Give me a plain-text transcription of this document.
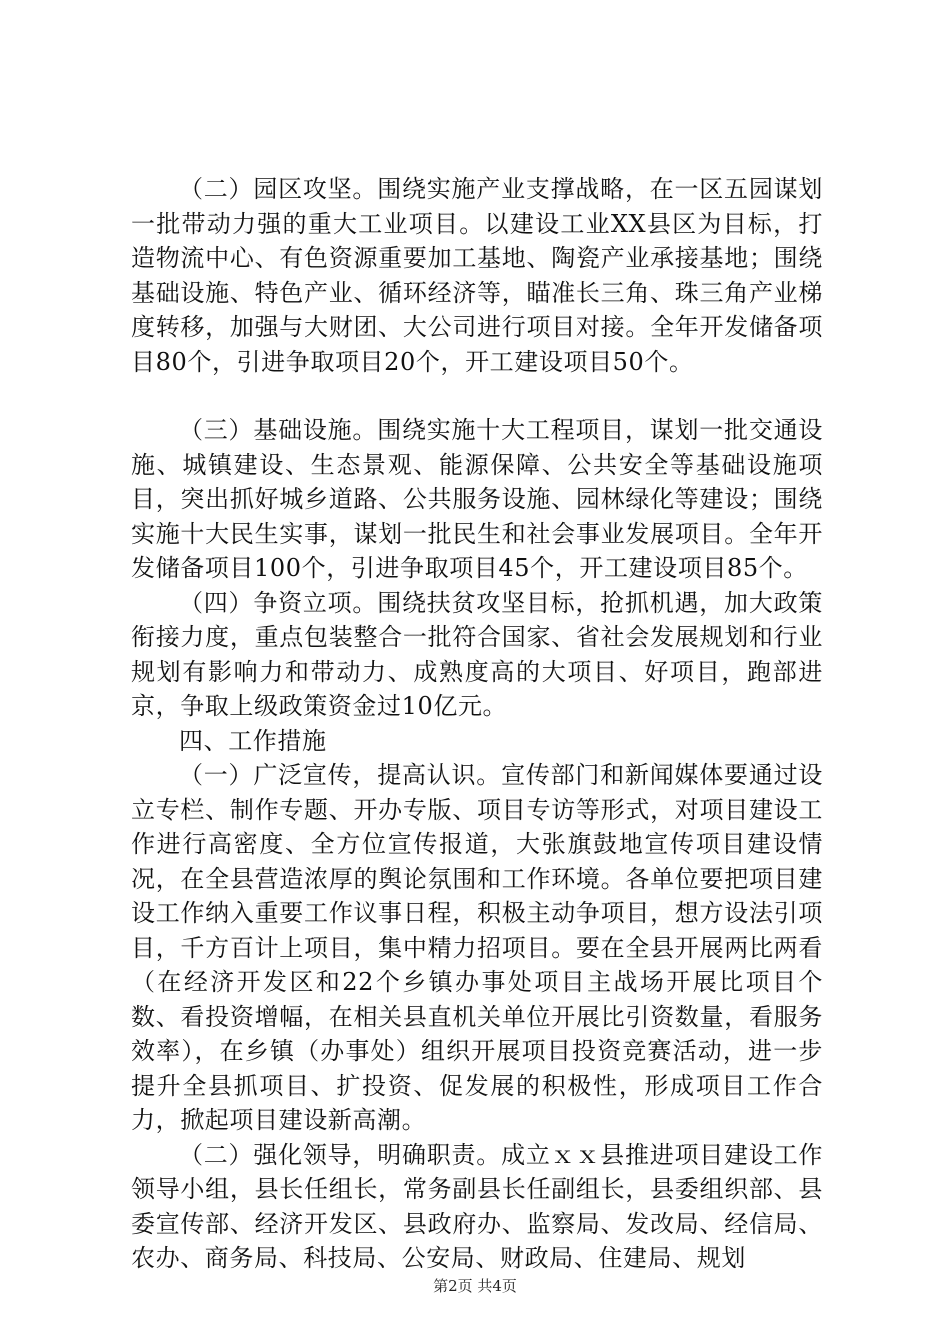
（二）园区攻坚。围绕实施产业支撑战略，在一区五园谋划一批带动力强的重大工业项目。以建设工业XX县区为目标，打造物流中心、有色资源重要加工基地、陶瓷产业承接基地；围绕基础设施、特色产业、循环经济等，瞄准长三角、珠三角产业梯度转移，加强与大财团、大公司进行项目对接。全年开发储备项目80个，引进争取项目20个，开工建设项目50个。

（三）基础设施。围绕实施十大工程项目，谋划一批交通设施、城镇建设、生态景观、能源保障、公共安全等基础设施项目，突出抓好城乡道路、公共服务设施、园林绿化等建设；围绕实施十大民生实事，谋划一批民生和社会事业发展项目。全年开发储备项目100个，引进争取项目45个，开工建设项目85个。

（四）争资立项。围绕扶贫攻坚目标，抢抓机遇，加大政策衔接力度，重点包装整合一批符合国家、省社会发展规划和行业规划有影响力和带动力、成熟度高的大项目、好项目，跑部进京，争取上级政策资金过10亿元。

四、工作措施

（一）广泛宣传，提高认识。宣传部门和新闻媒体要通过设立专栏、制作专题、开办专版、项目专访等形式，对项目建设工作进行高密度、全方位宣传报道，大张旗鼓地宣传项目建设情况，在全县营造浓厚的舆论氛围和工作环境。各单位要把项目建设工作纳入重要工作议事日程，积极主动争项目，想方设法引项目，千方百计上项目，集中精力招项目。要在全县开展两比两看（在经济开发区和22个乡镇办事处项目主战场开展比项目个数、看投资增幅，在相关县直机关单位开展比引资数量，看服务效率），在乡镇（办事处）组织开展项目投资竞赛活动，进一步提升全县抓项目、扩投资、促发展的积极性，形成项目工作合力，掀起项目建设新高潮。

（二）强化领导，明确职责。成立ｘｘ县推进项目建设工作领导小组，县长任组长，常务副县长任副组长，县委组织部、县委宣传部、经济开发区、县政府办、监察局、发改局、经信局、农办、商务局、科技局、公安局、财政局、住建局、规划

第2页 共4页
